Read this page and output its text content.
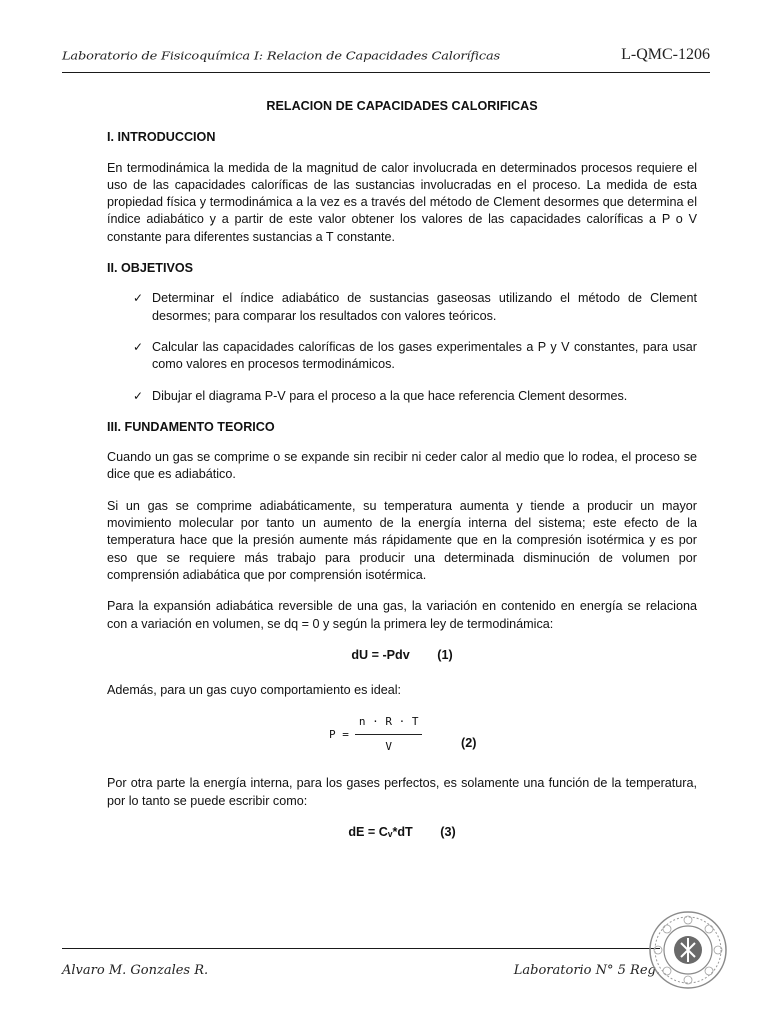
Laboratorio de Fisicoquímica I: Relacion de Capacidades Caloríficas	L-QMC-1206
RELACION DE CAPACIDADES CALORIFICAS
I. INTRODUCCION

En termodinámica la medida de la magnitud de calor involucrada en determinados procesos requiere el uso de las capacidades caloríficas de las sustancias involucradas en el proceso. La medida de esta propiedad física y termodinámica a la vez es a través del método de Clement desormes que determina el índice adiabático y a partir de este valor obtener los valores de las capacidades caloríficas a P o V constante para diferentes sustancias a T constante.

II. OBJETIVOS
✓ Determinar el índice adiabático de sustancias gaseosas utilizando el método de Clement desormes; para comparar los resultados con valores teóricos.
✓ Calcular las capacidades caloríficas de los gases experimentales a P y V constantes, para usar como valores en procesos termodinámicos.
✓ Dibujar el diagrama P-V para el proceso a la que hace referencia Clement desormes.
III. FUNDAMENTO TEORICO

Cuando un gas se comprime o se expande sin recibir ni ceder calor al medio que lo rodea, el proceso se dice que es adiabático.

Si un gas se comprime adiabáticamente, su temperatura aumenta y tiende a producir un mayor movimiento molecular por tanto un aumento de la energía interna del sistema; este efecto de la temperatura hace que la presión aumente más rápidamente que en la compresión isotérmica y es por eso que se requiere más trabajo para producir una determinada disminución de volumen por comprensión adiabática que por comprensión isotérmica.

Para la expansión adiabática reversible de una gas, la variación en contenido en energía se relaciona con a variación en volumen, se dq = 0 y según la primera ley de termodinámica:

dU = -Pdv (1)

Además, para un gas cuyo comportamiento es ideal:

$P = \frac{n \cdot R \cdot T}{V}$	(2)

Por otra parte la energía interna, para los gases perfectos, es solamente una función de la temperatura, por lo tanto se puede escribir como:

dE = Cᵥ*dT (3)
Alvaro M. Gonzales R.	Laboratorio N° 5 Reg.
